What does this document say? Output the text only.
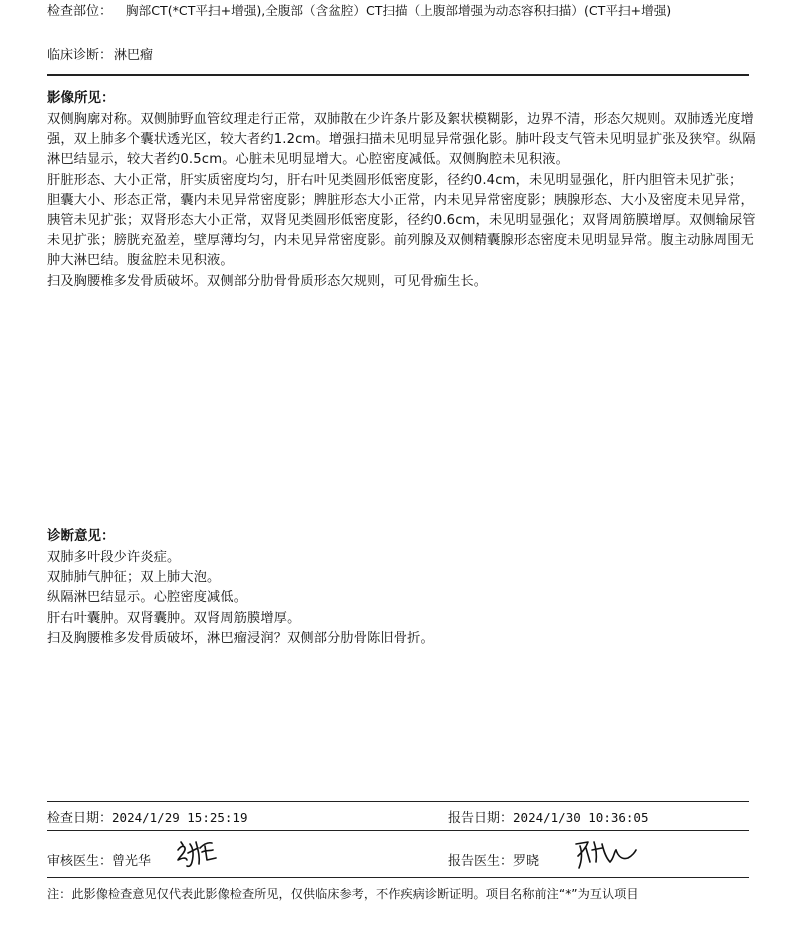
检查部位： 胸部CT(*CT平扫+增强),全腹部（含盆腔）CT扫描（上腹部增强为动态容积扫描）(CT平扫+增强)
临床诊断： 淋巴瘤
影像所见：

双侧胸廓对称。双侧肺野血管纹理走行正常，双肺散在少许条片影及絮状模糊影，边界不清，形态欠规则。双肺透光度增强，双上肺多个囊状透光区，较大者约1.2cm。增强扫描未见明显异常强化影。肺叶段支气管未见明显扩张及狭窄。纵隔淋巴结显示，较大者约0.5cm。心脏未见明显增大。心腔密度减低。双侧胸腔未见积液。

肝脏形态、大小正常，肝实质密度均匀，肝右叶见类圆形低密度影，径约0.4cm，未见明显强化，肝内胆管未见扩张； 胆囊大小、形态正常，囊内未见异常密度影；脾脏形态大小正常，内未见异常密度影；胰腺形态、大小及密度未见异常，胰管未见扩张；双肾形态大小正常，双肾见类圆形低密度影，径约0.6cm，未见明显强化；双肾周筋膜增厚。双侧输尿管未见扩张；膀胱充盈差，壁厚薄均匀，内未见异常密度影。前列腺及双侧精囊腺形态密度未见明显异常。腹主动脉周围无肿大淋巴结。腹盆腔未见积液。

扫及胸腰椎多发骨质破坏。双侧部分肋骨骨质形态欠规则，可见骨痂生长。

诊断意见：

双肺多叶段少许炎症。

双肺肺气肿征；双上肺大泡。

纵隔淋巴结显示。心腔密度减低。

肝右叶囊肿。双肾囊肿。双肾周筋膜增厚。

扫及胸腰椎多发骨质破坏，淋巴瘤浸润？双侧部分肋骨陈旧骨折。

检查日期：2024/1/29 15:25:19	报告日期：2024/1/30 10:36:05
审核医生：曾光华	报告医生：罗晓
注：此影像检查意见仅代表此影像检查所见，仅供临床参考，不作疾病诊断证明。项目名称前注“*”为互认项目
